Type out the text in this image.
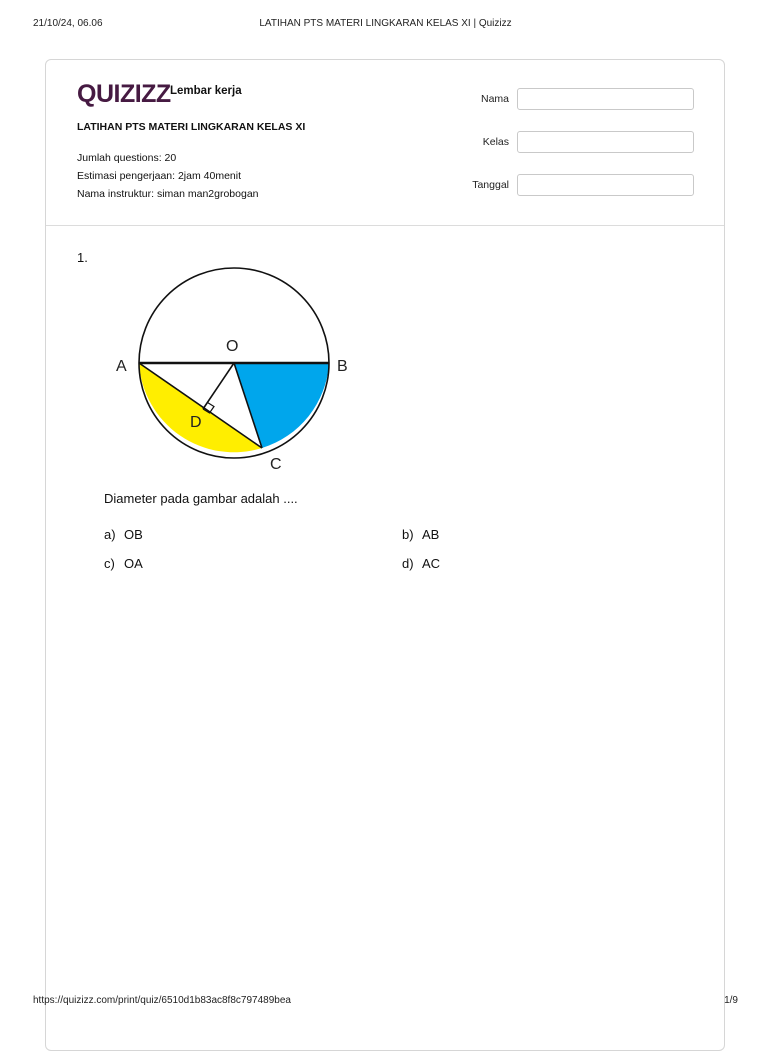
21/10/24, 06.06	LATIHAN PTS MATERI LINGKARAN KELAS XI | Quizizz
QUIZIZZ Lembar kerja
LATIHAN PTS MATERI LINGKARAN KELAS XI
Jumlah questions: 20
Estimasi pengerjaan: 2jam 40menit
Nama instruktur: siman man2grobogan
Nama
Kelas
Tanggal
1.
A	B
O
D
C
Diameter pada gambar adalah ....
a) OB	b) AB
c) OA	d) AC
https://quizizz.com/print/quiz/6510d1b83ac8f8c797489bea	1/9
